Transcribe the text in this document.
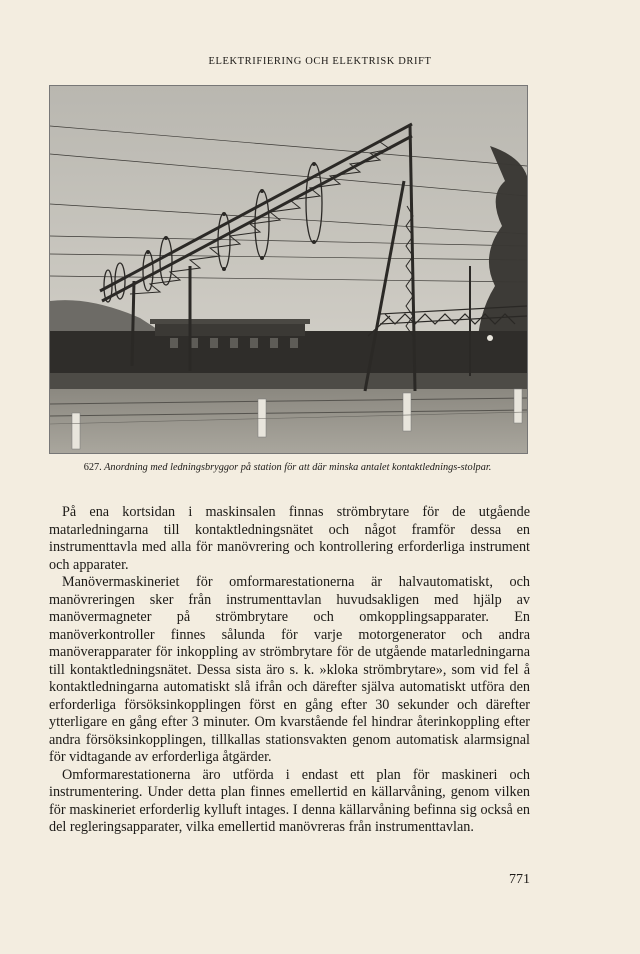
ELEKTRIFIERING OCH ELEKTRISK DRIFT
627. Anordning med ledningsbryggor på station för att där minska antalet kontaktlednings-stolpar.

På ena kortsidan i maskinsalen finnas strömbrytare för de utgående matarledningarna till kontaktledningsnätet och något framför dessa en instrumenttavla med alla för manövrering och kontrollering erforderliga instrument och apparater.

Manövermaskineriet för omformarestationerna är halvautomatiskt, och manövreringen sker från instrumenttavlan huvudsakligen med hjälp av manövermagneter på strömbrytare och omkopplingsapparater. En manöverkontroller finnes sålunda för varje motorgenerator och andra manöverapparater för inkoppling av strömbrytare för de utgående matarledningarna till kontaktledningsnätet. Dessa sista äro s. k. »kloka strömbrytare», som vid fel å kontaktledningarna automatiskt slå ifrån och därefter själva automatiskt utföra den erforderliga försöksinkopplingen först en gång efter 30 sekunder och därefter ytterligare en gång efter 3 minuter. Om kvarstående fel hindrar återinkoppling efter andra försöksinkopplingen, tillkallas stationsvakten genom automatisk alarmsignal för vidtagande av erforderliga åtgärder.

Omformarestationerna äro utförda i endast ett plan för maskineri och instrumentering. Under detta plan finnes emellertid en källarvåning, genom vilken för maskineriet erforderlig kylluft intages. I denna källarvåning befinna sig också en del regleringsapparater, vilka emellertid manövreras från instrumenttavlan.

771
